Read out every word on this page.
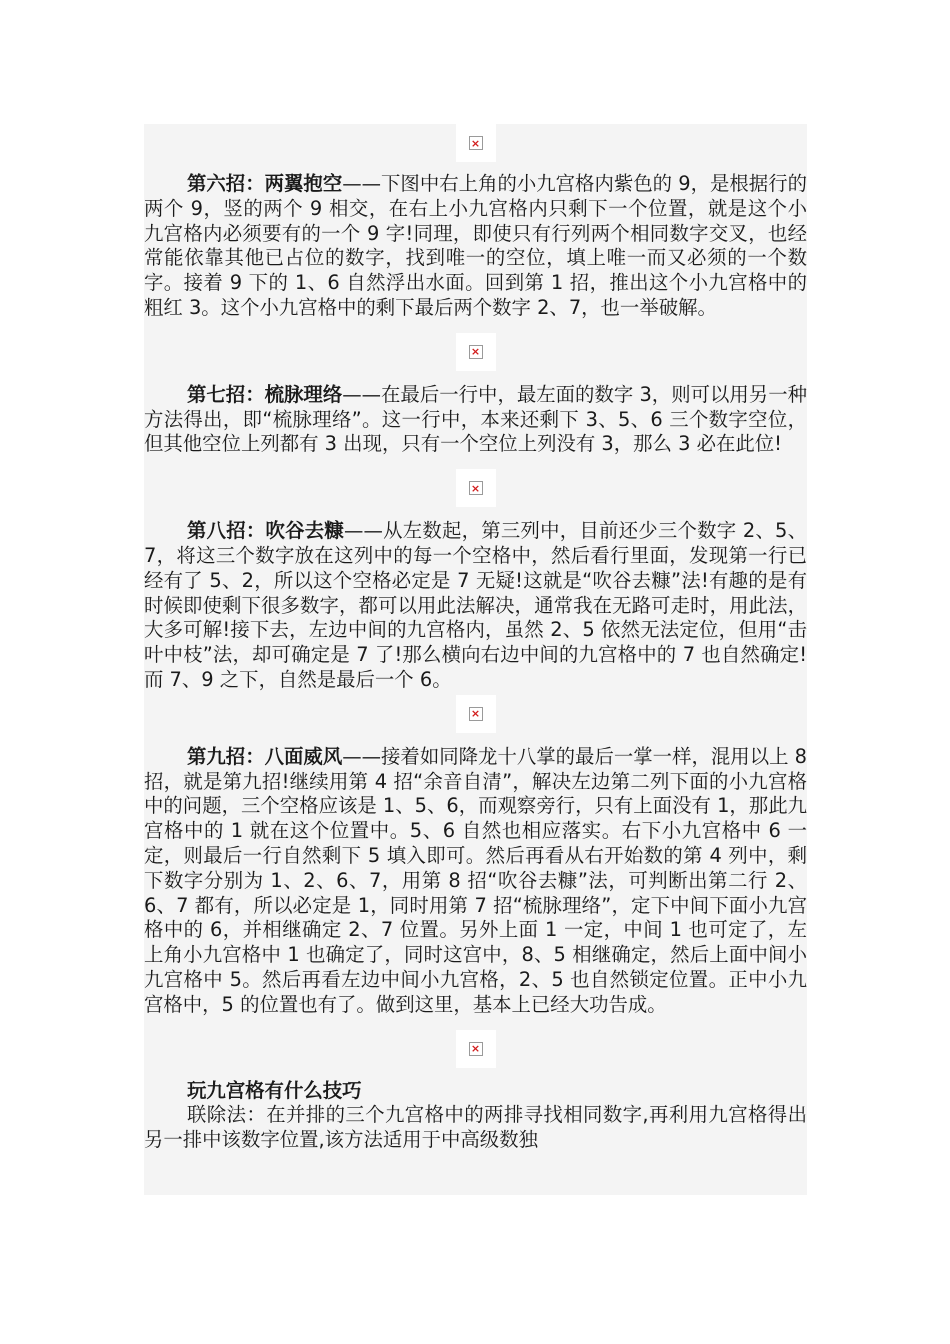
×

第六招：两翼抱空——下图中右上角的小九宫格内紫色的 9，是根据行的两个 9，竖的两个 9 相交，在右上小九宫格内只剩下一个位置，就是这个小九宫格内必须要有的一个 9 字!同理，即使只有行列两个相同数字交叉，也经常能依靠其他已占位的数字，找到唯一的空位，填上唯一而又必须的一个数字。接着 9 下的 1、6 自然浮出水面。回到第 1 招，推出这个小九宫格中的粗红 3。这个小九宫格中的剩下最后两个数字 2、7，也一举破解。

×

第七招：梳脉理络——在最后一行中，最左面的数字 3，则可以用另一种方法得出，即“梳脉理络”。这一行中，本来还剩下 3、5、6 三个数字空位，但其他空位上列都有 3 出现，只有一个空位上列没有 3，那么 3 必在此位!

×

第八招：吹谷去糠——从左数起，第三列中，目前还少三个数字 2、5、7，将这三个数字放在这列中的每一个空格中，然后看行里面，发现第一行已经有了 5、2，所以这个空格必定是 7 无疑!这就是“吹谷去糠”法!有趣的是有时候即使剩下很多数字，都可以用此法解决，通常我在无路可走时，用此法，大多可解!接下去，左边中间的九宫格内，虽然 2、5 依然无法定位，但用“击叶中枝”法，却可确定是 7 了!那么横向右边中间的九宫格中的 7 也自然确定!而 7、9 之下，自然是最后一个 6。

×

第九招：八面威风——接着如同降龙十八掌的最后一掌一样，混用以上 8 招，就是第九招!继续用第 4 招“余音自清”，解决左边第二列下面的小九宫格中的问题，三个空格应该是 1、5、6，而观察旁行，只有上面没有 1，那此九宫格中的 1 就在这个位置中。5、6 自然也相应落实。右下小九宫格中 6 一定，则最后一行自然剩下 5 填入即可。然后再看从右开始数的第 4 列中，剩下数字分别为 1、2、6、7，用第 8 招“吹谷去糠”法，可判断出第二行 2、6、7 都有，所以必定是 1，同时用第 7 招“梳脉理络”，定下中间下面小九宫格中的 6，并相继确定 2、7 位置。另外上面 1 一定，中间 1 也可定了，左上角小九宫格中 1 也确定了，同时这宫中，8、5 相继确定，然后上面中间小九宫格中 5。然后再看左边中间小九宫格，2、5 也自然锁定位置。正中小九宫格中，5 的位置也有了。做到这里，基本上已经大功告成。

×

玩九宫格有什么技巧

联除法：在并排的三个九宫格中的两排寻找相同数字,再利用九宫格得出另一排中该数字位置,该方法适用于中高级数独
